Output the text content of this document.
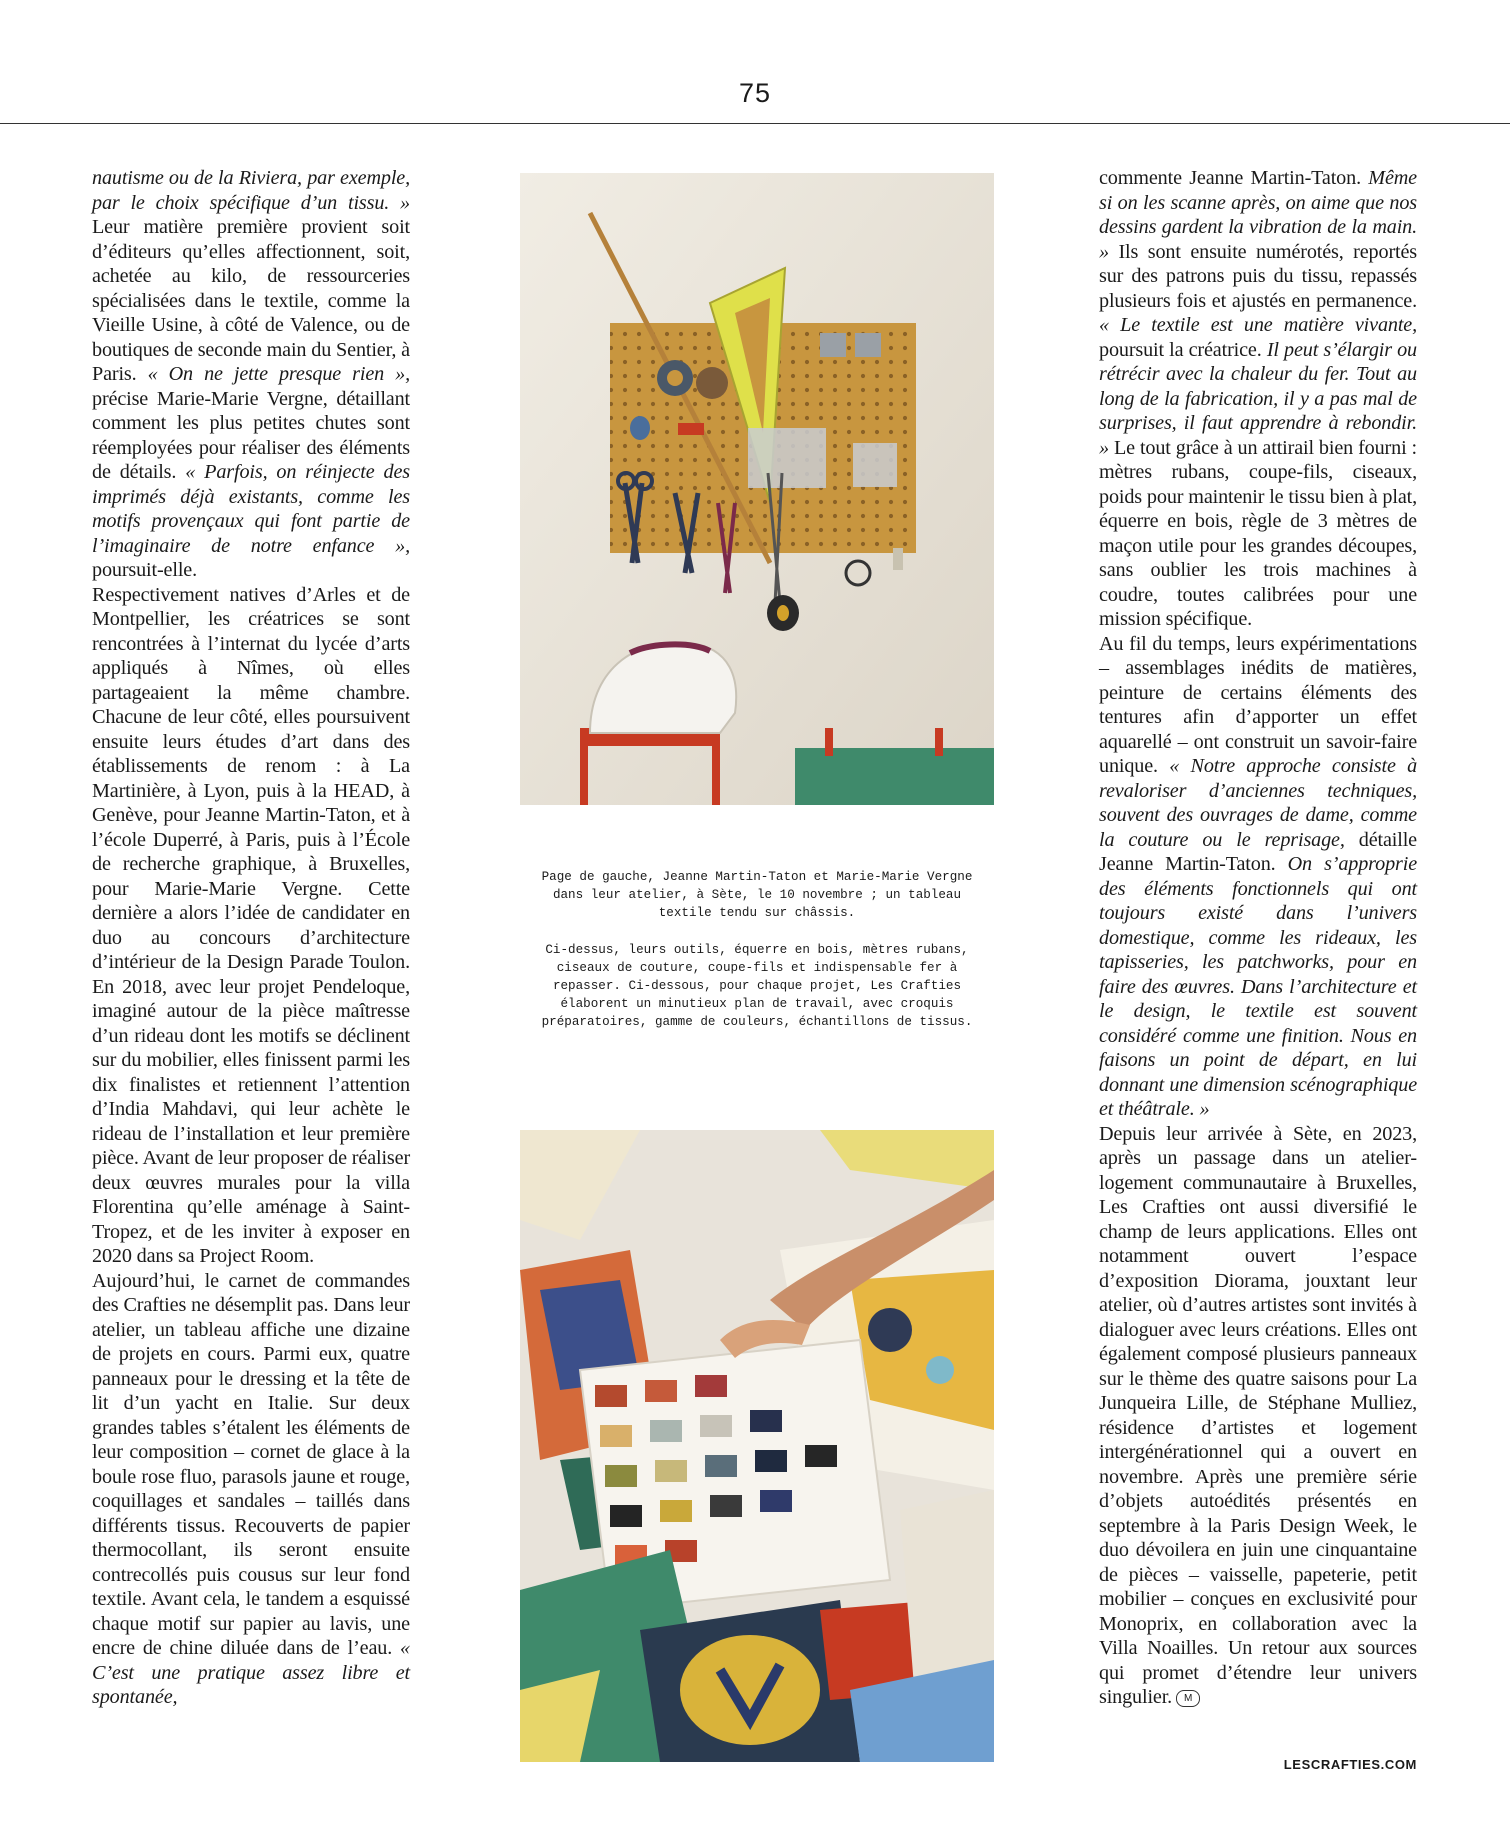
75

nautisme ou de la Riviera, par exemple, par le choix spécifique d’un tissu. » Leur matière première provient soit d’éditeurs qu’elles affectionnent, soit, achetée au kilo, de ressourceries spécialisées dans le textile, comme la Vieille Usine, à côté de Valence, ou de boutiques de seconde main du Sentier, à Paris. « On ne jette presque rien », précise Marie-Marie Vergne, détaillant comment les plus petites chutes sont réemployées pour réaliser des éléments de détails. « Parfois, on réinjecte des imprimés déjà existants, comme les motifs provençaux qui font partie de l’imaginaire de notre enfance », poursuit-elle.

Respectivement natives d’Arles et de Montpellier, les créatrices se sont rencontrées à l’internat du lycée d’arts appliqués à Nîmes, où elles partageaient la même chambre. Chacune de leur côté, elles poursuivent ensuite leurs études d’art dans des établissements de renom : à La Martinière, à Lyon, puis à la HEAD, à Genève, pour Jeanne Martin-Taton, et à l’école Duperré, à Paris, puis à l’École de recherche graphique, à Bruxelles, pour Marie-Marie Vergne. Cette dernière a alors l’idée de candidater en duo au concours d’architecture d’intérieur de la Design Parade Toulon. En 2018, avec leur projet Pendeloque, imaginé autour de la pièce maîtresse d’un rideau dont les motifs se déclinent sur du mobilier, elles finissent parmi les dix finalistes et retiennent l’attention d’India Mahdavi, qui leur achète le rideau de l’installation et leur première pièce. Avant de leur proposer de réaliser deux œuvres murales pour la villa Florentina qu’elle aménage à Saint-Tropez, et de les inviter à exposer en 2020 dans sa Project Room.

Aujourd’hui, le carnet de commandes des Crafties ne désemplit pas. Dans leur atelier, un tableau affiche une dizaine de projets en cours. Parmi eux, quatre panneaux pour le dressing et la tête de lit d’un yacht en Italie. Sur deux grandes tables s’étalent les éléments de leur composition – cornet de glace à la boule rose fluo, parasols jaune et rouge, coquillages et sandales – taillés dans différents tissus. Recouverts de papier thermocollant, ils seront ensuite contrecollés puis cousus sur leur fond textile. Avant cela, le tandem a esquissé chaque motif sur papier au lavis, une encre de chine diluée dans de l’eau. « C’est une pratique assez libre et spontanée,

Page de gauche, Jeanne Martin-Taton et Marie-Marie Vergne dans leur atelier, à Sète, le 10 novembre ; un tableau textile tendu sur châssis.

Ci-dessus, leurs outils, équerre en bois, mètres rubans, ciseaux de couture, coupe-fils et indispensable fer à repasser. Ci-dessous, pour chaque projet, Les Crafties élaborent un minutieux plan de travail, avec croquis préparatoires, gamme de couleurs, échantillons de tissus.

commente Jeanne Martin-Taton. Même si on les scanne après, on aime que nos dessins gardent la vibration de la main. » Ils sont ensuite numérotés, reportés sur des patrons puis du tissu, repassés plusieurs fois et ajustés en permanence. « Le textile est une matière vivante, poursuit la créatrice. Il peut s’élargir ou rétrécir avec la chaleur du fer. Tout au long de la fabrication, il y a pas mal de surprises, il faut apprendre à rebondir. » Le tout grâce à un attirail bien fourni : mètres rubans, coupe-fils, ciseaux, poids pour maintenir le tissu bien à plat, équerre en bois, règle de 3 mètres de maçon utile pour les grandes découpes, sans oublier les trois machines à coudre, toutes calibrées pour une mission spécifique.

Au fil du temps, leurs expérimentations – assemblages inédits de matières, peinture de certains éléments des tentures afin d’apporter un effet aquarellé – ont construit un savoir-faire unique. « Notre approche consiste à revaloriser d’anciennes techniques, souvent des ouvrages de dame, comme la couture ou le reprisage, détaille Jeanne Martin-Taton. On s’approprie des éléments fonctionnels qui ont toujours existé dans l’univers domestique, comme les rideaux, les tapisseries, les patchworks, pour en faire des œuvres. Dans l’architecture et le design, le textile est souvent considéré comme une finition. Nous en faisons un point de départ, en lui donnant une dimension scénographique et théâtrale. »

Depuis leur arrivée à Sète, en 2023, après un passage dans un atelier-logement communautaire à Bruxelles, Les Crafties ont aussi diversifié le champ de leurs applications. Elles ont notamment ouvert l’espace d’exposition Diorama, jouxtant leur atelier, où d’autres artistes sont invités à dialoguer avec leurs créations. Elles ont également composé plusieurs panneaux sur le thème des quatre saisons pour La Junqueira Lille, de Stéphane Mulliez, résidence d’artistes et logement intergénérationnel qui a ouvert en novembre. Après une première série d’objets autoédités présentés en septembre à la Paris Design Week, le duo dévoilera en juin une cinquantaine de pièces – vaisselle, papeterie, petit mobilier – conçues en exclusivité pour Monoprix, en collaboration avec la Villa Noailles. Un retour aux sources qui promet d’étendre leur univers singulier. M

LESCRAFTIES.COM
